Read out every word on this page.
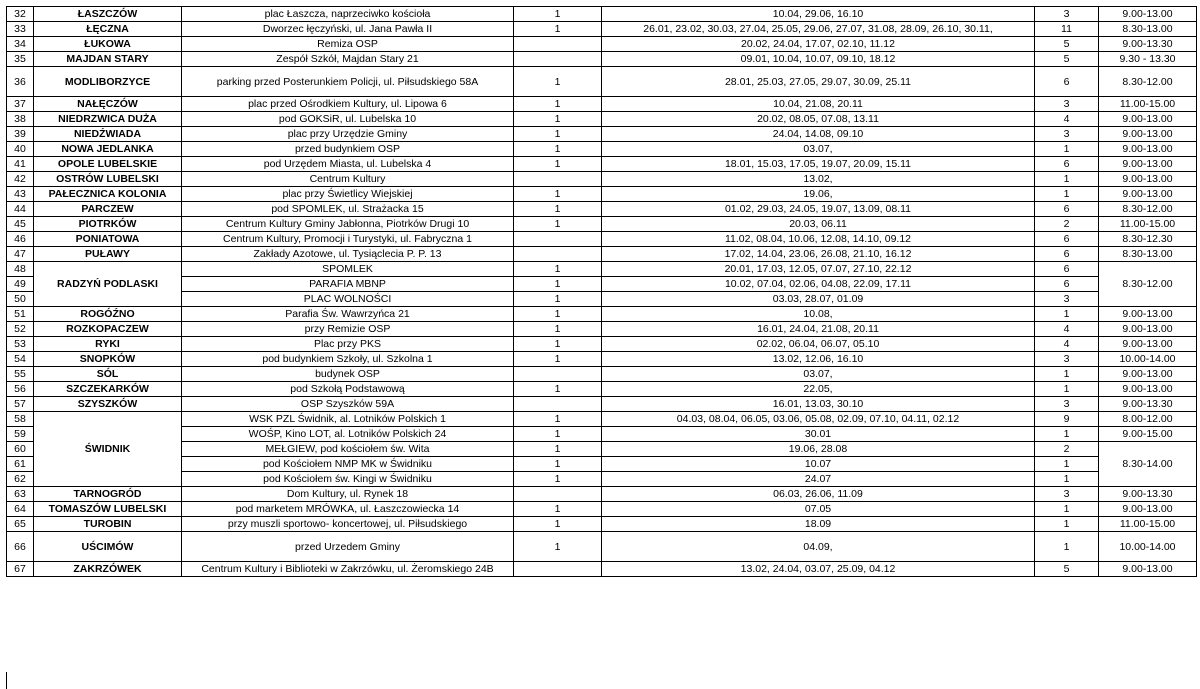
32	ŁASZCZÓW	plac Łaszcza, naprzeciwko kościoła	1	10.04, 29.06, 16.10	3	9.00-13.00
33	ŁĘCZNA	Dworzec łęczyński, ul. Jana Pawła II	1	26.01, 23.02, 30.03, 27.04, 25.05, 29.06, 27.07, 31.08, 28.09, 26.10, 30.11,	11	8.30-13.00
34	ŁUKOWA	Remiza OSP		20.02, 24.04, 17.07, 02.10, 11.12	5	9.00-13.30
35	MAJDAN STARY	Zespół Szkół, Majdan Stary 21		09.01, 10.04, 10.07, 09.10, 18.12	5	9.30 - 13.30
36	MODLIBORZYCE	parking przed Posterunkiem Policji, ul. Piłsudskiego 58A	1	28.01, 25.03, 27.05, 29.07, 30.09, 25.11	6	8.30-12.00
37	NAŁĘCZÓW	plac przed Ośrodkiem Kultury, ul. Lipowa 6	1	10.04, 21.08, 20.11	3	11.00-15.00
38	NIEDRZWICA DUŻA	pod GOKSiR, ul. Lubelska 10	1	20.02, 08.05, 07.08, 13.11	4	9.00-13.00
39	NIEDŹWIADA	plac przy Urzędzie Gminy	1	24.04, 14.08, 09.10	3	9.00-13.00
40	NOWA JEDLANKA	przed budynkiem OSP	1	03.07,	1	9.00-13.00
41	OPOLE LUBELSKIE	pod Urzędem Miasta, ul. Lubelska 4	1	18.01, 15.03, 17.05, 19.07, 20.09, 15.11	6	9.00-13.00
42	OSTRÓW LUBELSKI	Centrum Kultury		13.02,	1	9.00-13.00
43	PAŁECZNICA KOLONIA	plac przy Świetlicy Wiejskiej	1	19.06,	1	9.00-13.00
44	PARCZEW	pod SPOMLEK, ul. Strażacka 15	1	01.02, 29.03, 24.05, 19.07, 13.09, 08.11	6	8.30-12.00
45	PIOTRKÓW	Centrum Kultury Gminy Jabłonna, Piotrków Drugi 10	1	20.03, 06.11	2	11.00-15.00
46	PONIATOWA	Centrum Kultury, Promocji i Turystyki, ul. Fabryczna 1		11.02, 08.04, 10.06, 12.08, 14.10, 09.12	6	8.30-12.30
47	PUŁAWY	Zakłady Azotowe, ul. Tysiąclecia P. P. 13		17.02, 14.04, 23.06, 26.08, 21.10, 16.12	6	8.30-13.00
48	RADZYŃ PODLASKI	SPOMLEK	1	20.01, 17.03, 12.05, 07.07, 27.10, 22.12	6	8.30-12.00
49		PARAFIA MBNP	1	10.02, 07.04, 02.06, 04.08, 22.09, 17.11	6	
50		PLAC WOLNOŚCI	1	03.03, 28.07, 01.09	3	
51	ROGÓŹNO	Parafia Św. Wawrzyńca 21	1	10.08,	1	9.00-13.00
52	ROZKOPACZEW	przy Remizie OSP	1	16.01, 24.04, 21.08, 20.11	4	9.00-13.00
53	RYKI	Plac przy PKS	1	02.02, 06.04, 06.07, 05.10	4	9.00-13.00
54	SNOPKÓW	pod budynkiem Szkoły, ul. Szkolna 1	1	13.02, 12.06, 16.10	3	10.00-14.00
55	SÓL	budynek OSP		03.07,	1	9.00-13.00
56	SZCZEKARKÓW	pod Szkołą Podstawową	1	22.05,	1	9.00-13.00
57	SZYSZKÓW	OSP Szyszków 59A		16.01, 13.03, 30.10	3	9.00-13.30
58	ŚWIDNIK	WSK PZL Świdnik, al. Lotników Polskich 1	1	04.03, 08.04, 06.05, 03.06, 05.08, 02.09, 07.10, 04.11, 02.12	9	8.00-12.00
59		WOŚP, Kino LOT, al. Lotników Polskich 24	1	30.01	1	9.00-15.00
60		MEŁGIEW, pod kościołem św. Wita	1	19.06, 28.08	2	8.30-14.00
61		pod Kościołem NMP MK w Świdniku	1	10.07	1	
62		pod Kościołem św. Kingi w Świdniku	1	24.07	1	
63	TARNOGRÓD	Dom Kultury, ul. Rynek 18		06.03, 26.06, 11.09	3	9.00-13.30
64	TOMASZÓW LUBELSKI	pod marketem MRÓWKA, ul. Łaszczowiecka 14	1	07.05	1	9.00-13.00
65	TUROBIN	przy muszli sportowo- koncertowej, ul. Piłsudskiego	1	18.09	1	11.00-15.00
66	UŚCIMÓW	przed Urzedem Gminy	1	04.09,	1	10.00-14.00
67	ZAKRZÓWEK	Centrum Kultury i Biblioteki w Zakrzówku, ul. Żeromskiego 24B		13.02, 24.04, 03.07, 25.09, 04.12	5	9.00-13.00
